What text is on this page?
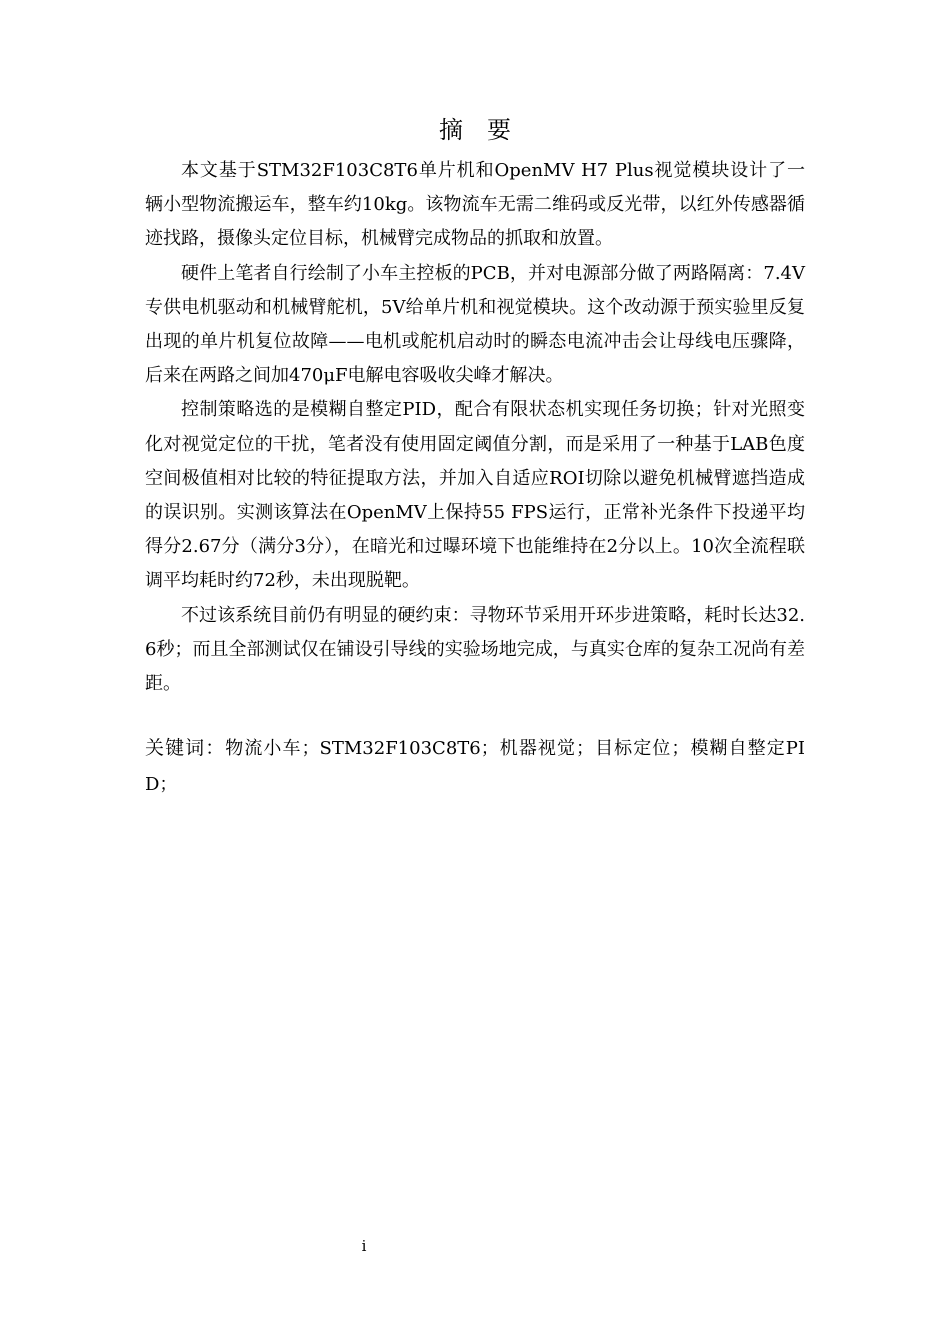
摘要

本文基于STM32F103C8T6单片机和OpenMV H7 Plus视觉模块设计了一辆小型物流搬运车，整车约10kg。该物流车无需二维码或反光带，以红外传感器循迹找路，摄像头定位目标，机械臂完成物品的抓取和放置。

硬件上笔者自行绘制了小车主控板的PCB，并对电源部分做了两路隔离：7.4V专供电机驱动和机械臂舵机，5V给单片机和视觉模块。这个改动源于预实验里反复出现的单片机复位故障——电机或舵机启动时的瞬态电流冲击会让母线电压骤降，后来在两路之间加470μF电解电容吸收尖峰才解决。

控制策略选的是模糊自整定PID，配合有限状态机实现任务切换；针对光照变化对视觉定位的干扰，笔者没有使用固定阈值分割，而是采用了一种基于LAB色度空间极值相对比较的特征提取方法，并加入自适应ROI切除以避免机械臂遮挡造成的误识别。实测该算法在OpenMV上保持55 FPS运行，正常补光条件下投递平均得分2.67分（满分3分），在暗光和过曝环境下也能维持在2分以上。10次全流程联调平均耗时约72秒，未出现脱靶。

不过该系统目前仍有明显的硬约束：寻物环节采用开环步进策略，耗时长达32.6秒；而且全部测试仅在铺设引导线的实验场地完成，与真实仓库的复杂工况尚有差距。

关键词：物流小车；STM32F103C8T6；机器视觉；目标定位；模糊自整定PID；

i
